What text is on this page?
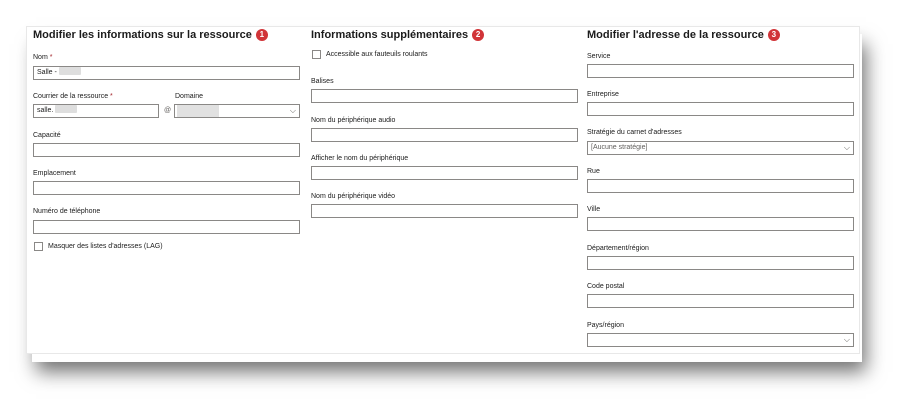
Modifier les informations sur la ressource 1
Nom *
Salle -
Courrier de la ressource *
salle.	@
Domaine
⌵
Capacité
Emplacement
Numéro de téléphone
Masquer des listes d'adresses (LAG)
Informations supplémentaires 2
Accessible aux fauteuils roulants
Balises
Nom du périphérique audio
Afficher le nom du périphérique
Nom du périphérique vidéo
Modifier l'adresse de la ressource 3
Service
Entreprise
Stratégie du carnet d'adresses
[Aucune stratégie]	⌵
Rue
Ville
Département/région
Code postal
Pays/région
⌵
